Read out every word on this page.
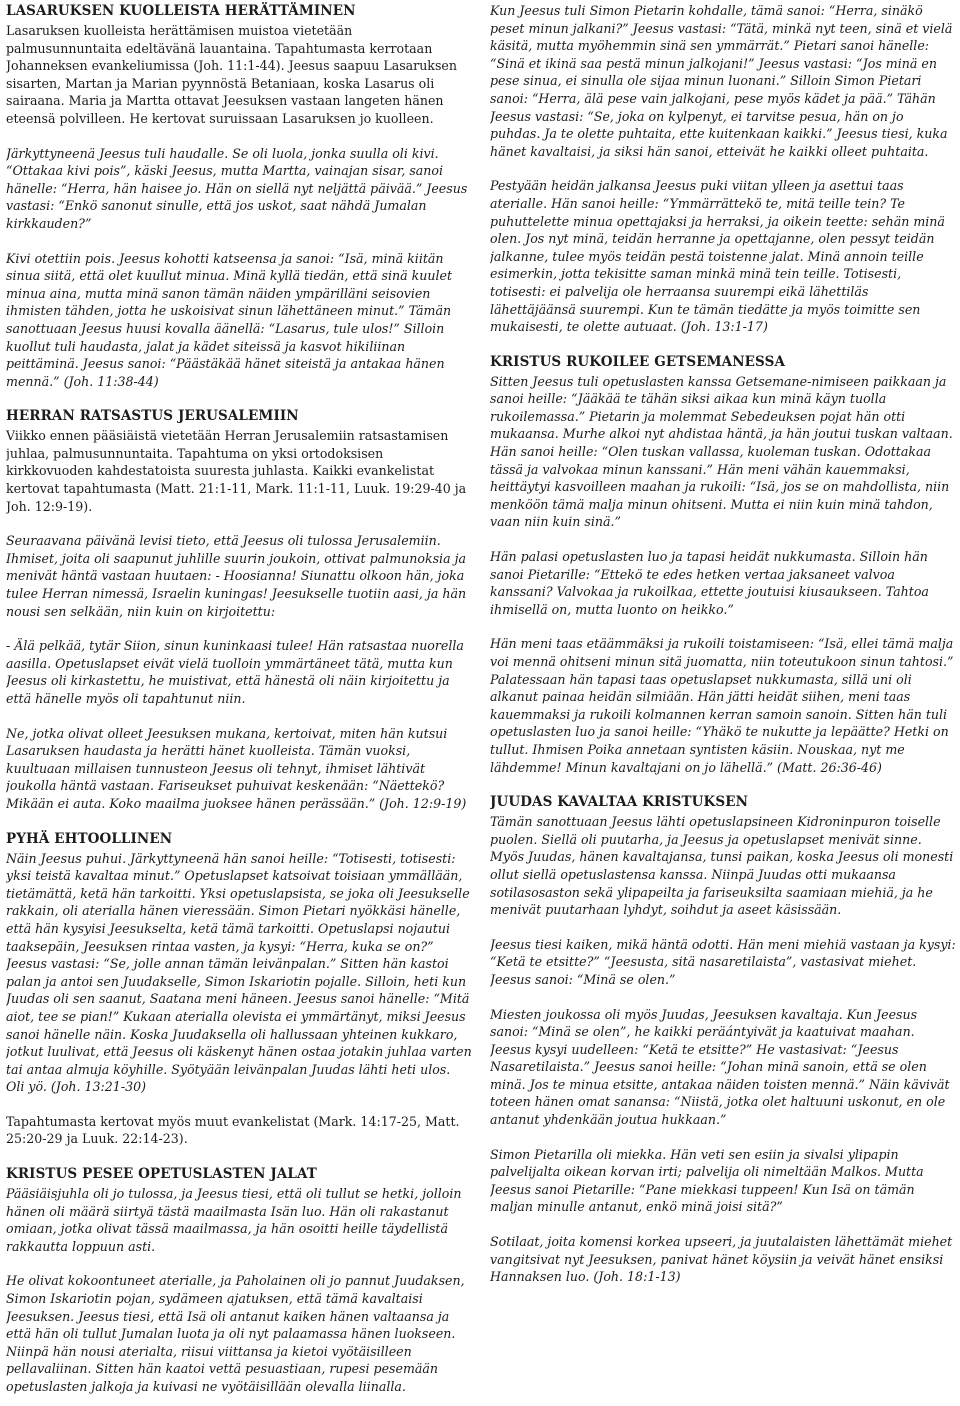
LASARUKSEN KUOLLEISTA HERÄTTÄMINEN

Lasaruksen kuolleista herättämisen muistoa vietetään palmusunnuntaita edeltävänä lauantaina. Tapahtumasta kerrotaan Johanneksen evankeliumissa (Joh. 11:1-44). Jeesus saapuu Lasaruksen sisarten, Martan ja Marian pyynnöstä Betaniaan, koska Lasarus oli sairaana. Maria ja Martta ottavat Jeesuksen vastaan langeten hänen eteensä polvilleen. He kertovat suruissaan Lasaruksen jo kuolleen.

Järkyttyneenä Jeesus tuli haudalle. Se oli luola, jonka suulla oli kivi. “Ottakaa kivi pois”, käski Jeesus, mutta Martta, vainajan sisar, sanoi hänelle: “Herra, hän haisee jo. Hän on siellä nyt neljättä päivää.” Jeesus vastasi: “Enkö sanonut sinulle, että jos uskot, saat nähdä Jumalan kirkkauden?”

Kivi otettiin pois. Jeesus kohotti katseensa ja sanoi: “Isä, minä kiitän sinua siitä, että olet kuullut minua. Minä kyllä tiedän, että sinä kuulet minua aina, mutta minä sanon tämän näiden ympärilläni seisovien ihmisten tähden, jotta he uskoisivat sinun lähettäneen minut.” Tämän sanottuaan Jeesus huusi kovalla äänellä: “Lasarus, tule ulos!” Silloin kuollut tuli haudasta, jalat ja kädet siteissä ja kasvot hikiliinan peittäminä. Jeesus sanoi: “Päästäkää hänet siteistä ja antakaa hänen mennä.” (Joh. 11:38-44)

HERRAN RATSASTUS JERUSALEMIIN

Viikko ennen pääsiäistä vietetään Herran Jerusalemiin ratsastamisen juhlaa, palmusunnuntaita. Tapahtuma on yksi ortodoksisen kirkkovuoden kahdestatoista suuresta juhlasta. Kaikki evankelistat kertovat tapahtumasta (Matt. 21:1-11, Mark. 11:1-11, Luuk. 19:29-40 ja Joh. 12:9-19).

Seuraavana päivänä levisi tieto, että Jeesus oli tulossa Jerusalemiin. Ihmiset, joita oli saapunut juhlille suurin joukoin, ottivat palmunoksia ja menivät häntä vastaan huutaen: - Hoosianna! Siunattu olkoon hän, joka tulee Herran nimessä, Israelin kuningas! Jeesukselle tuotiin aasi, ja hän nousi sen selkään, niin kuin on kirjoitettu:

- Älä pelkää, tytär Siion, sinun kuninkaasi tulee! Hän ratsastaa nuorella aasilla. Opetuslapset eivät vielä tuolloin ymmärtäneet tätä, mutta kun Jeesus oli kirkastettu, he muistivat, että hänestä oli näin kirjoitettu ja että hänelle myös oli tapahtunut niin.

Ne, jotka olivat olleet Jeesuksen mukana, kertoivat, miten hän kutsui Lasaruksen haudasta ja herätti hänet kuolleista. Tämän vuoksi, kuultuaan millaisen tunnusteon Jeesus oli tehnyt, ihmiset lähtivät joukolla häntä vastaan. Fariseukset puhuivat keskenään: “Näettekö? Mikään ei auta. Koko maailma juoksee hänen perässään.” (Joh. 12:9-19)

PYHÄ EHTOOLLINEN

Näin Jeesus puhui. Järkyttyneenä hän sanoi heille: “Totisesti, totisesti: yksi teistä kavaltaa minut.” Opetuslapset katsoivat toisiaan ymmällään, tietämättä, ketä hän tarkoitti. Yksi opetuslapsista, se joka oli Jeesukselle rakkain, oli aterialla hänen vieressään. Simon Pietari nyökkäsi hänelle, että hän kysyisi Jeesukselta, ketä tämä tarkoitti. Opetuslapsi nojautui taaksepäin, Jeesuksen rintaa vasten, ja kysyi: “Herra, kuka se on?” Jeesus vastasi: “Se, jolle annan tämän leivänpalan.” Sitten hän kastoi palan ja antoi sen Juudakselle, Simon Iskariotin pojalle. Silloin, heti kun Juudas oli sen saanut, Saatana meni häneen. Jeesus sanoi hänelle: “Mitä aiot, tee se pian!” Kukaan aterialla olevista ei ymmärtänyt, miksi Jeesus sanoi hänelle näin. Koska Juudaksella oli hallussaan yhteinen kukkaro, jotkut luulivat, että Jeesus oli käskenyt hänen ostaa jotakin juhlaa varten tai antaa almuja köyhille. Syötyään leivänpalan Juudas lähti heti ulos. Oli yö. (Joh. 13:21-30)

Tapahtumasta kertovat myös muut evankelistat (Mark. 14:17-25, Matt. 25:20-29 ja Luuk. 22:14-23).

KRISTUS PESEE OPETUSLASTEN JALAT

Pääsiäisjuhla oli jo tulossa, ja Jeesus tiesi, että oli tullut se hetki, jolloin hänen oli määrä siirtyä tästä maailmasta Isän luo. Hän oli rakastanut omiaan, jotka olivat tässä maailmassa, ja hän osoitti heille täydellistä rakkautta loppuun asti.

He olivat kokoontuneet aterialle, ja Paholainen oli jo pannut Juudaksen, Simon Iskariotin pojan, sydämeen ajatuksen, että tämä kavaltaisi Jeesuksen. Jeesus tiesi, että Isä oli antanut kaiken hänen valtaansa ja että hän oli tullut Jumalan luota ja oli nyt palaamassa hänen luokseen. Niinpä hän nousi aterialta, riisui viittansa ja kietoi vyötäisilleen pellavaliinan. Sitten hän kaatoi vettä pesuastiaan, rupesi pesemään opetuslasten jalkoja ja kuivasi ne vyötäisillään olevalla liinalla.

Kun Jeesus tuli Simon Pietarin kohdalle, tämä sanoi: “Herra, sinäkö peset minun jalkani?” Jeesus vastasi: “Tätä, minkä nyt teen, sinä et vielä käsitä, mutta myöhemmin sinä sen ymmärrät.” Pietari sanoi hänelle: “Sinä et ikinä saa pestä minun jalkojani!” Jeesus vastasi: “Jos minä en pese sinua, ei sinulla ole sijaa minun luonani.” Silloin Simon Pietari sanoi: “Herra, älä pese vain jalkojani, pese myös kädet ja pää.” Tähän Jeesus vastasi: “Se, joka on kylpenyt, ei tarvitse pesua, hän on jo puhdas. Ja te olette puhtaita, ette kuitenkaan kaikki.” Jeesus tiesi, kuka hänet kavaltaisi, ja siksi hän sanoi, etteivät he kaikki olleet puhtaita.

Pestyään heidän jalkansa Jeesus puki viitan ylleen ja asettui taas aterialle. Hän sanoi heille: “Ymmärrättekö te, mitä teille tein? Te puhuttelette minua opettajaksi ja herraksi, ja oikein teette: sehän minä olen. Jos nyt minä, teidän herranne ja opettajanne, olen pessyt teidän jalkanne, tulee myös teidän pestä toistenne jalat. Minä annoin teille esimerkin, jotta tekisitte saman minkä minä tein teille. Totisesti, totisesti: ei palvelija ole herraansa suurempi eikä lähettiläs lähettäjäänsä suurempi. Kun te tämän tiedätte ja myös toimitte sen mukaisesti, te olette autuaat. (Joh. 13:1-17)

KRISTUS RUKOILEE GETSEMANESSA

Sitten Jeesus tuli opetuslasten kanssa Getsemane-nimiseen paikkaan ja sanoi heille: “Jääkää te tähän siksi aikaa kun minä käyn tuolla rukoilemassa.” Pietarin ja molemmat Sebedeuksen pojat hän otti mukaansa. Murhe alkoi nyt ahdistaa häntä, ja hän joutui tuskan valtaan. Hän sanoi heille: “Olen tuskan vallassa, kuoleman tuskan. Odottakaa tässä ja valvokaa minun kanssani.” Hän meni vähän kauemmaksi, heittäytyi kasvoilleen maahan ja rukoili: “Isä, jos se on mahdollista, niin menköön tämä malja minun ohitseni. Mutta ei niin kuin minä tahdon, vaan niin kuin sinä.”

Hän palasi opetuslasten luo ja tapasi heidät nukkumasta. Silloin hän sanoi Pietarille: “Ettekö te edes hetken vertaa jaksaneet valvoa kanssani? Valvokaa ja rukoilkaa, ettette joutuisi kiusaukseen. Tahtoa ihmisellä on, mutta luonto on heikko.”

Hän meni taas etäämmäksi ja rukoili toistamiseen: “Isä, ellei tämä malja voi mennä ohitseni minun sitä juomatta, niin toteutukoon sinun tahtosi.” Palatessaan hän tapasi taas opetuslapset nukkumasta, sillä uni oli alkanut painaa heidän silmiään. Hän jätti heidät siihen, meni taas kauemmaksi ja rukoili kolmannen kerran samoin sanoin. Sitten hän tuli opetuslasten luo ja sanoi heille: “Yhäkö te nukutte ja lepäätte? Hetki on tullut. Ihmisen Poika annetaan syntisten käsiin. Nouskaa, nyt me lähdemme! Minun kavaltajani on jo lähellä.” (Matt. 26:36-46)

JUUDAS KAVALTAA KRISTUKSEN

Tämän sanottuaan Jeesus lähti opetuslapsineen Kidroninpuron toiselle puolen. Siellä oli puutarha, ja Jeesus ja opetuslapset menivät sinne. Myös Juudas, hänen kavaltajansa, tunsi paikan, koska Jeesus oli monesti ollut siellä opetuslastensa kanssa. Niinpä Juudas otti mukaansa sotilasosaston sekä ylipapeilta ja fariseuksilta saamiaan miehiä, ja he menivät puutarhaan lyhdyt, soihdut ja aseet käsissään.

Jeesus tiesi kaiken, mikä häntä odotti. Hän meni miehiä vastaan ja kysyi: “Ketä te etsitte?” “Jeesusta, sitä nasaretilaista”, vastasivat miehet. Jeesus sanoi: “Minä se olen.”

Miesten joukossa oli myös Juudas, Jeesuksen kavaltaja. Kun Jeesus sanoi: “Minä se olen”, he kaikki peräántyivät ja kaatuivat maahan. Jeesus kysyi uudelleen: “Ketä te etsitte?” He vastasivat: “Jeesus Nasaretilaista.” Jeesus sanoi heille: “Johan minä sanoin, että se olen minä. Jos te minua etsitte, antakaa näiden toisten mennä.” Näin kävivät toteen hänen omat sanansa: “Niistä, jotka olet haltuuni uskonut, en ole antanut yhdenkään joutua hukkaan.”

Simon Pietarilla oli miekka. Hän veti sen esiin ja sivalsi ylipapin palvelijalta oikean korvan irti; palvelija oli nimeltään Malkos. Mutta Jeesus sanoi Pietarille: “Pane miekkasi tuppeen! Kun Isä on tämän maljan minulle antanut, enkö minä joisi sitä?”

Sotilaat, joita komensi korkea upseeri, ja juutalaisten lähettämät miehet vangitsivat nyt Jeesuksen, panivat hänet köysiin ja veivät hänet ensiksi Hannaksen luo. (Joh. 18:1-13)
